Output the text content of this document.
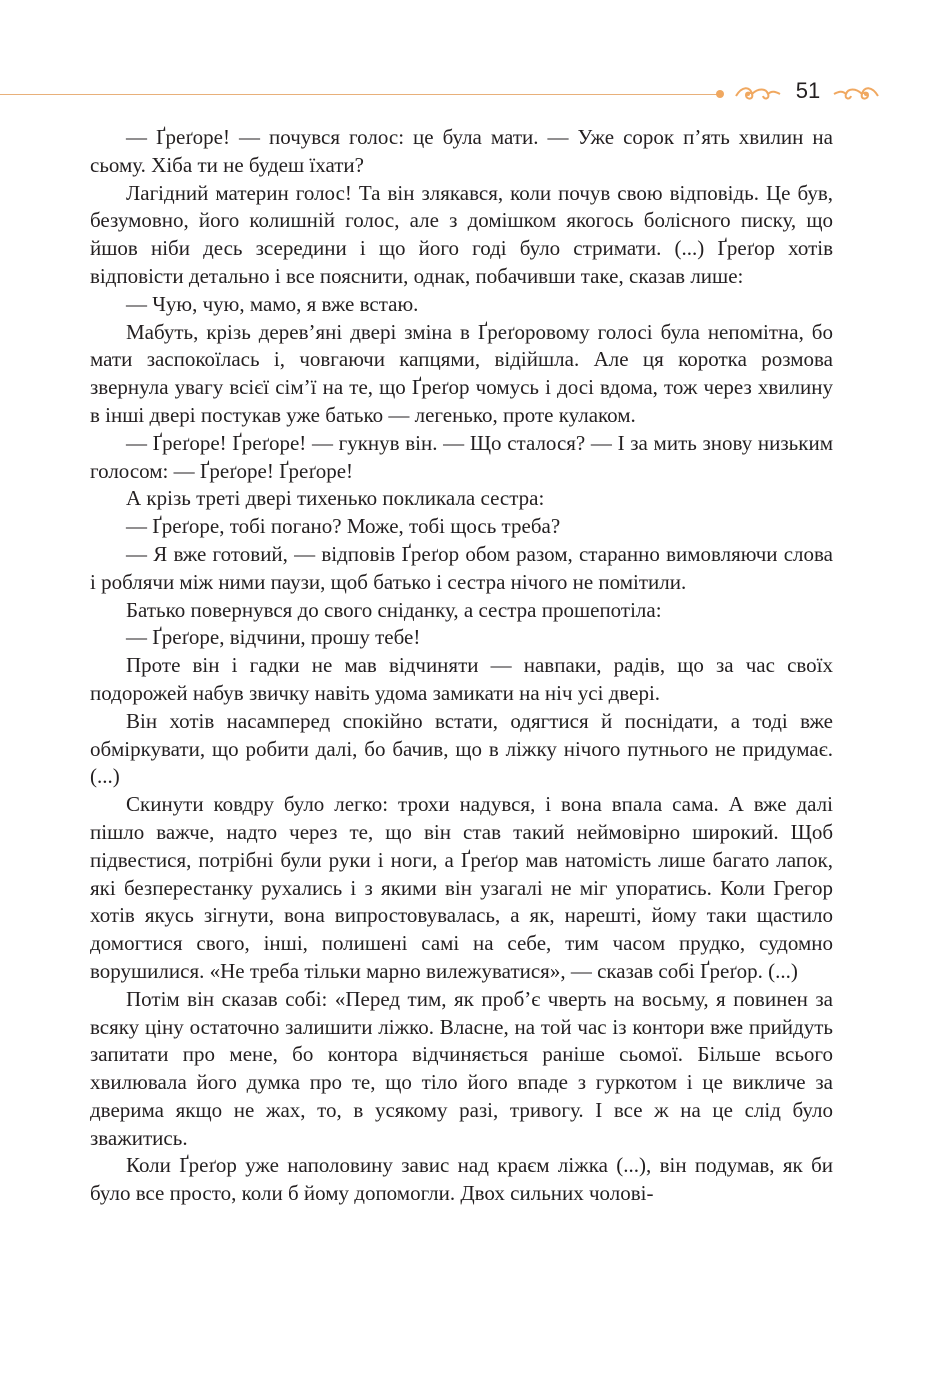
51

— Ґреґоре! — почувся голос: це була мати. — Уже сорок п’ять хвилин на сьому. Хіба ти не будеш їхати?

Лагідний материн голос! Та він злякався, коли почув свою відповідь. Це був, безумовно, його колишній голос, але з домішком якогось болісного писку, що йшов ніби десь зсередини і що його годі було стримати. (...) Ґреґор хотів відповісти детально і все пояснити, однак, побачивши таке, сказав лише:

— Чую, чую, мамо, я вже встаю.

Мабуть, крізь дерев’яні двері зміна в Ґреґоровому голосі була непомітна, бо мати заспокоїлась і, човгаючи капцями, відійшла. Але ця коротка розмова звернула увагу всієї сім’ї на те, що Ґреґор чомусь і досі вдома, тож через хвилину в інші двері постукав уже батько — легенько, проте кулаком.

— Ґреґоре! Ґреґоре! — гукнув він. — Що сталося? — І за мить знову низьким голосом: — Ґреґоре! Ґреґоре!

А крізь треті двері тихенько покликала сестра:

— Ґреґоре, тобі погано? Може, тобі щось треба?

— Я вже готовий, — відповів Ґреґор обом разом, старанно вимовляючи слова і роблячи між ними паузи, щоб батько і сестра нічого не помітили.

Батько повернувся до свого сніданку, а сестра прошепотіла:

— Ґреґоре, відчини, прошу тебе!

Проте він і гадки не мав відчиняти — навпаки, радів, що за час своїх подорожей набув звичку навіть удома замикати на ніч усі двері.

Він хотів насамперед спокійно встати, одягтися й поснідати, а тоді вже обміркувати, що робити далі, бо бачив, що в ліжку нічого путнього не придумає. (...)

Скинути ковдру було легко: трохи надувся, і вона впала сама. А вже далі пішло важче, надто через те, що він став такий неймовірно широкий. Щоб підвестися, потрібні були руки і ноги, а Ґреґор мав натомість лише багато лапок, які безперестанку рухались і з якими він узагалі не міг упоратись. Коли Грегор хотів якусь зігнути, вона випростовувалась, а як, нарешті, йому таки щастило домогтися свого, інші, полишені самі на себе, тим часом прудко, судомно ворушилися. «Не треба тільки марно вилежуватися», — сказав собі Ґреґор. (...)

Потім він сказав собі: «Перед тим, як проб’є чверть на восьму, я повинен за всяку ціну остаточно залишити ліжко. Власне, на той час із контори вже прийдуть запитати про мене, бо контора відчиняється раніше сьомої. Більше всього хвилювала його думка про те, що тіло його впаде з гуркотом і це викличе за дверима якщо не жах, то, в усякому разі, тривогу. І все ж на це слід було зважитись.

Коли Ґреґор уже наполовину завис над краєм ліжка (...), він подумав, як би було все просто, коли б йому допомогли. Двох сильних чолові-
